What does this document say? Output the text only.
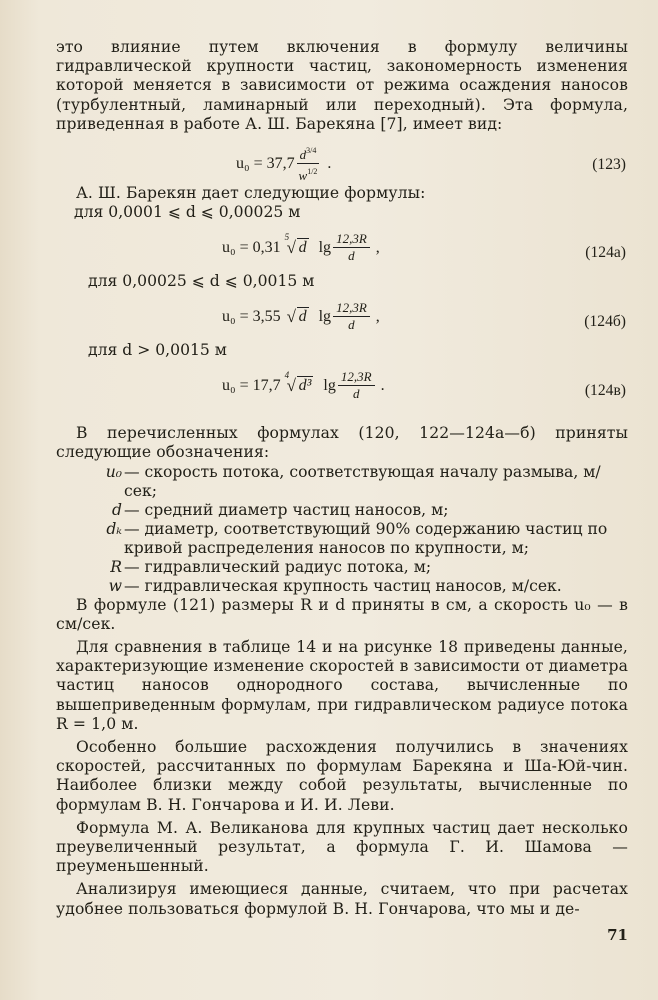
это влияние путем включения в формулу величины гидравлической крупности частиц, закономерность изменения которой меняется в зависимости от режима осаждения наносов (турбулентный, ламинарный или переходный). Эта формула, приведенная в работе А. Ш. Барекяна [7], имеет вид:

$u_0 = 37,7 \frac{d^{3/4}}{w^{1/2}}$ .	(123)

А. Ш. Барекян дает следующие формулы:

для 0,0001 ⩽ d ⩽ 0,00025 м

u₀ = 0,31
5
√ d $\lg \frac{12,3R}{d}$ ,	(124а)

для 0,00025 ⩽ d ⩽ 0,0015 м

u₀ = 3,55 √ d $\lg \frac{12,3R}{d}$ ,	(124б)

для d > 0,0015 м

u₀ = 17,7
4
√ d³ $\lg \frac{12,3R}{d}$ .	(124в)

В перечисленных формулах (120, 122—124а—б) приняты следующие обозначения:

u₀ — скорость потока, соответствующая началу размыва, м/сек;
d — средний диаметр частиц наносов, м;
dₖ — диаметр, соответствующий 90% содержанию частиц по кривой распределения наносов по крупности, м;
R — гидравлический радиус потока, м;
w — гидравлическая крупность частиц наносов, м/сек.

В формуле (121) размеры R и d приняты в см, а скорость u₀ — в см/сек.

Для сравнения в таблице 14 и на рисунке 18 приведены данные, характеризующие изменение скоростей в зависимости от диаметра частиц наносов однородного состава, вычисленные по вышеприведенным формулам, при гидравлическом радиусе потока R = 1,0 м.

Особенно большие расхождения получились в значениях скоростей, рассчитанных по формулам Барекяна и Ша-Юй-чин. Наиболее близки между собой результаты, вычисленные по формулам В. Н. Гончарова и И. И. Леви.

Формула М. А. Великанова для крупных частиц дает несколько преувеличенный результат, а формула Г. И. Шамова — преуменьшенный.

Анализируя имеющиеся данные, считаем, что при расчетах удобнее пользоваться формулой В. Н. Гончарова, что мы и де-

71
